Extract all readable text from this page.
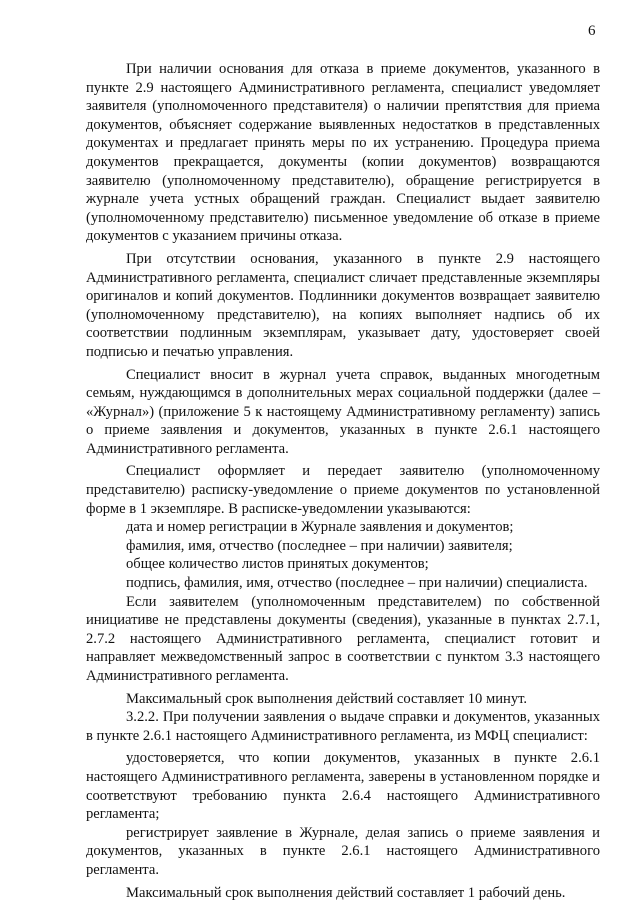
6

При наличии основания для отказа в приеме документов, указанного в пункте 2.9 настоящего Административного регламента, специалист уведомляет заявителя (уполномоченного представителя) о наличии препятствия для приема документов, объясняет содержание выявленных недостатков в представленных документах и предлагает принять меры по их устранению. Процедура приема документов прекращается, документы (копии документов) возвращаются заявителю (уполномоченному представителю), обращение регистрируется в журнале учета устных обращений граждан. Специалист выдает заявителю (уполномоченному представителю) письменное уведомление об отказе в приеме документов с указанием причины отказа.

При отсутствии основания, указанного в пункте 2.9 настоящего Административного регламента, специалист сличает представленные экземпляры оригиналов и копий документов. Подлинники документов возвращает заявителю (уполномоченному представителю), на копиях выполняет надпись об их соответствии подлинным экземплярам, указывает дату, удостоверяет своей подписью и печатью управления.

Специалист вносит в журнал учета справок, выданных многодетным семьям, нуждающимся в дополнительных мерах социальной поддержки (далее – «Журнал») (приложение 5 к настоящему Административному регламенту) запись о приеме заявления и документов, указанных в пункте 2.6.1 настоящего Административного регламента.

Специалист оформляет и передает заявителю (уполномоченному представителю) расписку-уведомление о приеме документов по установленной форме в 1 экземпляре. В расписке-уведомлении указываются:

дата и номер регистрации в Журнале заявления и документов;

фамилия, имя, отчество (последнее – при наличии) заявителя;

общее количество листов принятых документов;

подпись, фамилия, имя, отчество (последнее – при наличии) специалиста.

Если заявителем (уполномоченным представителем) по собственной инициативе не представлены документы (сведения), указанные в пунктах 2.7.1, 2.7.2 настоящего Административного регламента, специалист готовит и направляет межведомственный запрос в соответствии с пунктом 3.3 настоящего Административного регламента.

Максимальный срок выполнения действий составляет 10 минут.

3.2.2. При получении заявления о выдаче справки и документов, указанных в пункте 2.6.1 настоящего Административного регламента, из МФЦ специалист:

удостоверяется, что копии документов, указанных в пункте 2.6.1 настоящего Административного регламента, заверены в установленном порядке и соответствуют требованию пункта 2.6.4 настоящего Административного регламента;

регистрирует заявление в Журнале, делая запись о приеме заявления и документов, указанных в пункте 2.6.1 настоящего Административного регламента.

Максимальный срок выполнения действий составляет 1 рабочий день.
